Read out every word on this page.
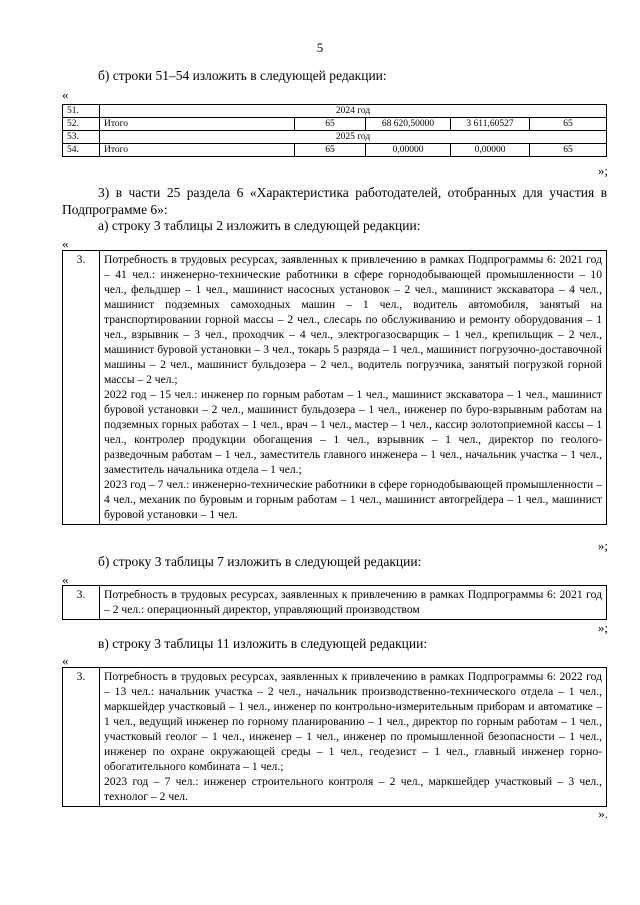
5
б) строки 51–54 изложить в следующей редакции:
«
51.	2024 год				
52.	Итого	65	68 620,50000	3 611,60527	65
53.	2025 год				
54.	Итого	65	0,00000	0,00000	65
»;
3) в части 25 раздела 6 «Характеристика работодателей, отобранных для участия в Подпрограмме 6»:
а) строку 3 таблицы 2 изложить в следующей редакции:
«
3.	Потребность в трудовых ресурсах, заявленных к привлечению в рамках Подпрограммы 6: 2021 год – 41 чел.: инженерно-технические работники в сфере горнодобывающей промышленности – 10 чел., фельдшер – 1 чел., машинист насосных установок – 2 чел., машинист экскаватора – 4 чел., машинист подземных самоходных машин – 1 чел., водитель автомобиля, занятый на транспортировании горной массы – 2 чел., слесарь по обслуживанию и ремонту оборудования – 1 чел., взрывник – 3 чел., проходчик – 4 чел., электрогазосварщик – 1 чел., крепильщик – 2 чел., машинист буровой установки – 3 чел., токарь 5 разряда – 1 чел., машинист погрузочно-доставочной машины – 2 чел., машинист бульдозера – 2 чел., водитель погрузчика, занятый погрузкой горной массы – 2 чел.;
2022 год – 15 чел.: инженер по горным работам – 1 чел., машинист экскаватора – 1 чел., машинист буровой установки – 2 чел., машинист бульдозера – 1 чел., инженер по буро-взрывным работам на подземных горных работах – 1 чел., врач – 1 чел., мастер – 1 чел., кассир золотоприемной кассы – 1 чел., контролер продукции обогащения – 1 чел., взрывник – 1 чел., директор по геолого-разведочным работам – 1 чел., заместитель главного инженера – 1 чел., начальник участка – 1 чел., заместитель начальника отдела – 1 чел.;
2023 год – 7 чел.: инженерно-технические работники в сфере горнодобывающей промышленности – 4 чел., механик по буровым и горным работам – 1 чел., машинист автогрейдера – 1 чел., машинист буровой установки – 1 чел.
»;
б) строку 3 таблицы 7 изложить в следующей редакции:
«
3.	Потребность в трудовых ресурсах, заявленных к привлечению в рамках Подпрограммы 6: 2021 год – 2 чел.: операционный директор, управляющий производством
»;
в) строку 3 таблицы 11 изложить в следующей редакции:
«
3.	Потребность в трудовых ресурсах, заявленных к привлечению в рамках Подпрограммы 6: 2022 год – 13 чел.: начальник участка – 2 чел., начальник производственно-технического отдела – 1 чел., маркшейдер участковый – 1 чел., инженер по контрольно-измерительным приборам и автоматике – 1 чел., ведущий инженер по горному планированию – 1 чел., директор по горным работам – 1 чел., участковый геолог – 1 чел., инженер – 1 чел., инженер по промышленной безопасности – 1 чел., инженер по охране окружающей среды – 1 чел., геодезист – 1 чел., главный инженер горно-обогатительного комбината – 1 чел.;
2023 год – 7 чел.: инженер строительного контроля – 2 чел., маркшейдер участковый – 3 чел., технолог – 2 чел.
».
